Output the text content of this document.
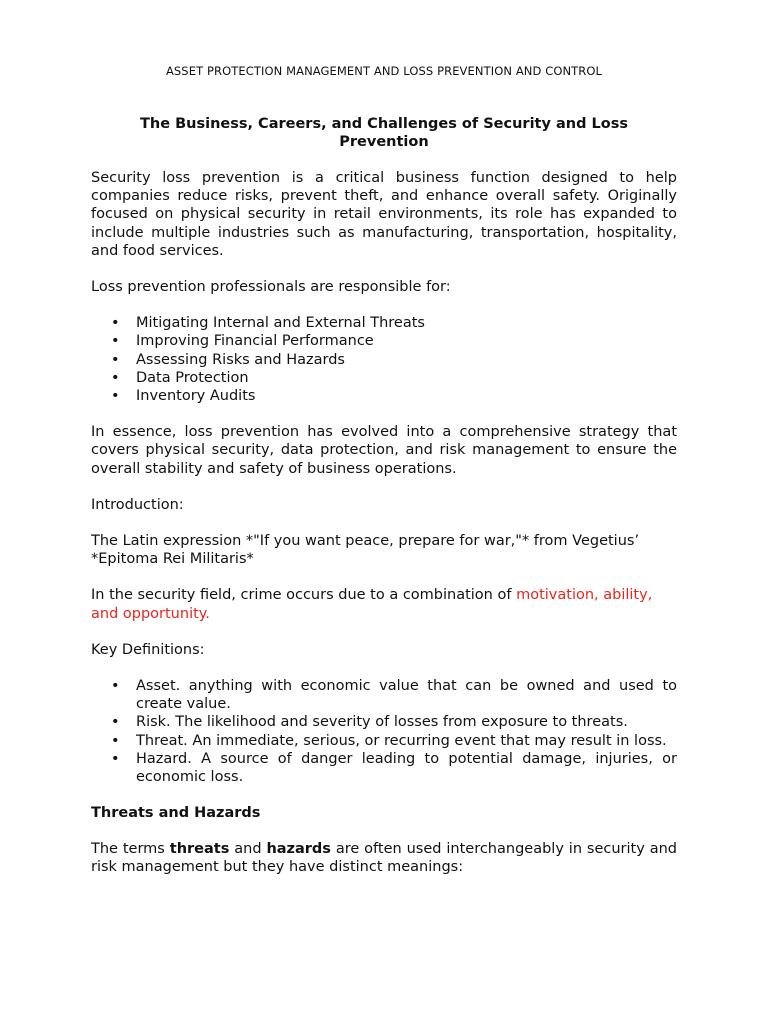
ASSET PROTECTION MANAGEMENT AND LOSS PREVENTION AND CONTROL
The Business, Careers, and Challenges of Security and Loss Prevention

Security loss prevention is a critical business function designed to help companies reduce risks, prevent theft, and enhance overall safety. Originally focused on physical security in retail environments, its role has expanded to include multiple industries such as manufacturing, transportation, hospitality, and food services.

Loss prevention professionals are responsible for:

• Mitigating Internal and External Threats
• Improving Financial Performance
• Assessing Risks and Hazards
• Data Protection
• Inventory Audits

In essence, loss prevention has evolved into a comprehensive strategy that covers physical security, data protection, and risk management to ensure the overall stability and safety of business operations.

Introduction:

The Latin expression *"If you want peace, prepare for war,"* from Vegetius’ *Epitoma Rei Militaris*

In the security field, crime occurs due to a combination of motivation, ability, and opportunity.

Key Definitions:

• Asset. anything with economic value that can be owned and used to create value.
• Risk. The likelihood and severity of losses from exposure to threats.
• Threat. An immediate, serious, or recurring event that may result in loss.
• Hazard. A source of danger leading to potential damage, injuries, or economic loss.
Threats and Hazards

The terms threats and hazards are often used interchangeably in security and risk management but they have distinct meanings:
